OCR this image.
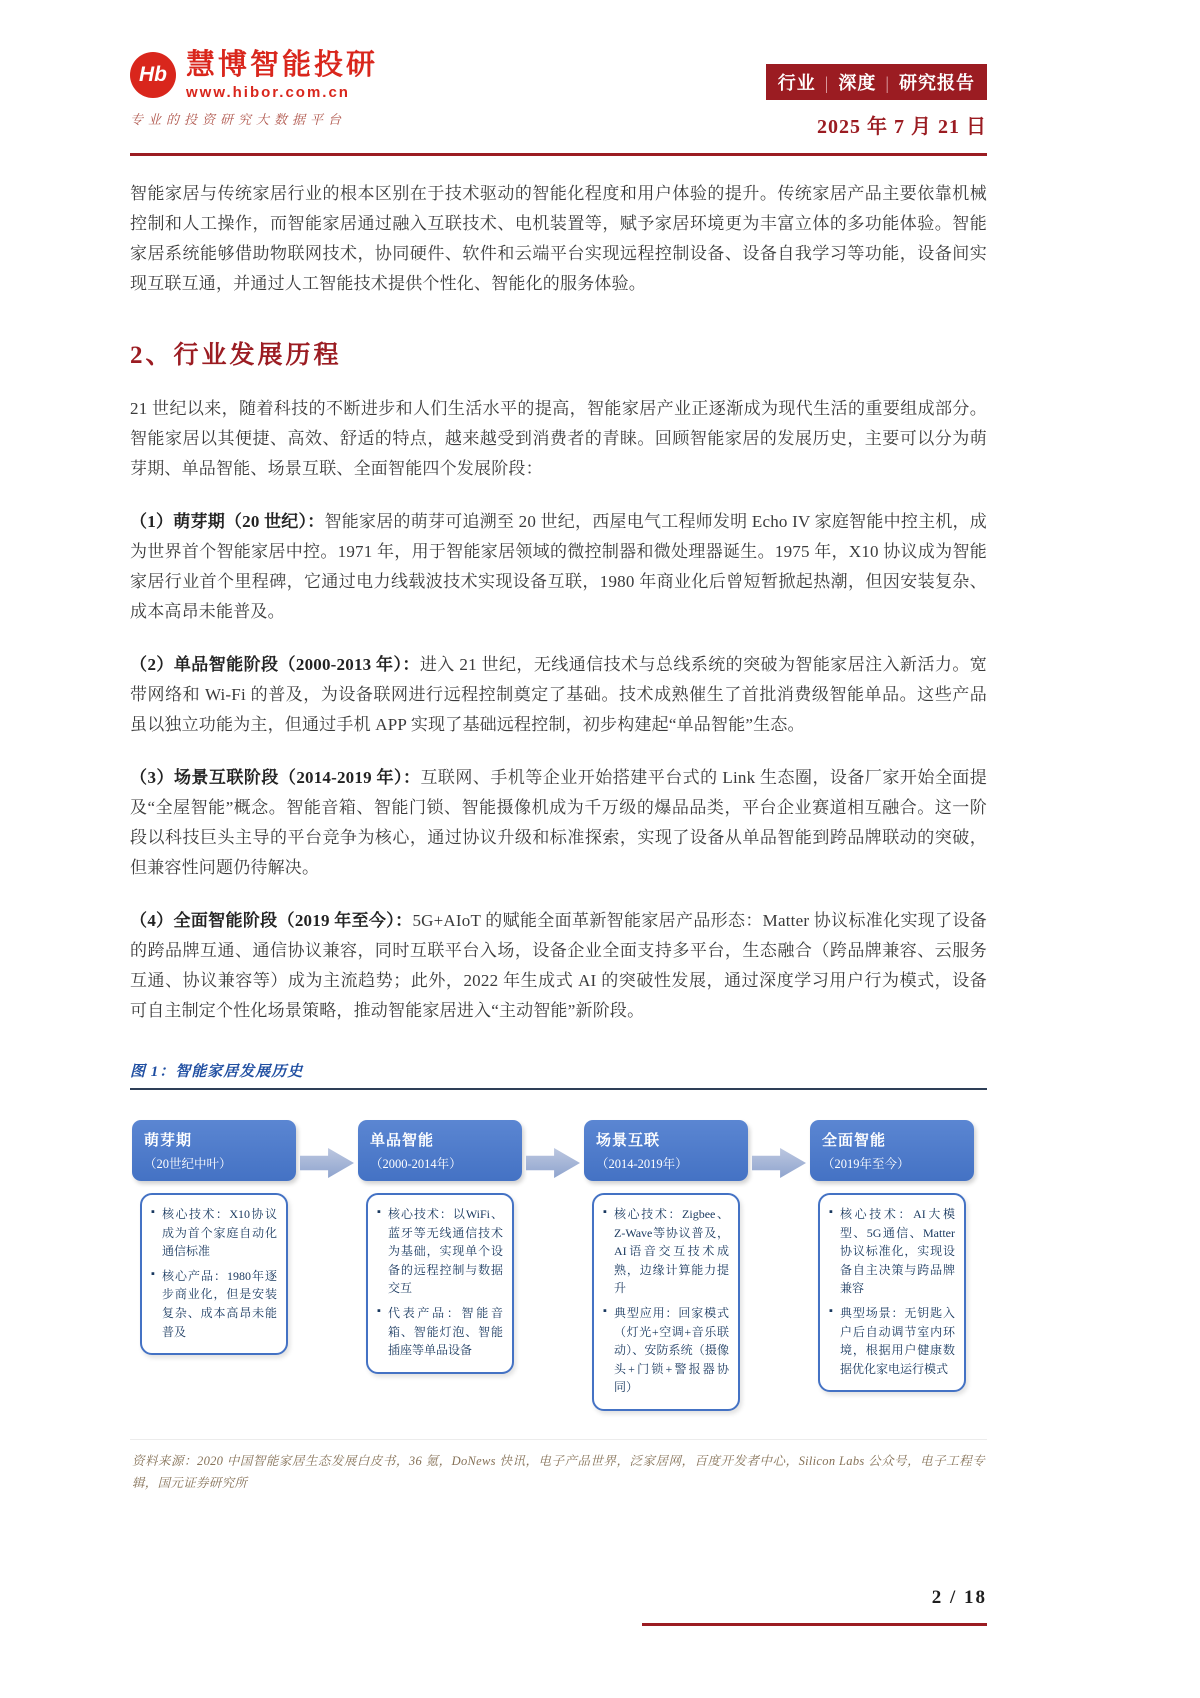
Hb 慧博智能投研
www.hibor.com.cn
专业的投资研究大数据平台
行业 | 深度 | 研究报告
2025 年 7 月 21 日

智能家居与传统家居行业的根本区别在于技术驱动的智能化程度和用户体验的提升。传统家居产品主要依靠机械控制和人工操作，而智能家居通过融入互联技术、电机装置等，赋予家居环境更为丰富立体的多功能体验。智能家居系统能够借助物联网技术，协同硬件、软件和云端平台实现远程控制设备、设备自我学习等功能，设备间实现互联互通，并通过人工智能技术提供个性化、智能化的服务体验。

2、行业发展历程

21 世纪以来，随着科技的不断进步和人们生活水平的提高，智能家居产业正逐渐成为现代生活的重要组成部分。智能家居以其便捷、高效、舒适的特点，越来越受到消费者的青睐。回顾智能家居的发展历史，主要可以分为萌芽期、单品智能、场景互联、全面智能四个发展阶段：

（1）萌芽期（20 世纪）：智能家居的萌芽可追溯至 20 世纪，西屋电气工程师发明 Echo IV 家庭智能中控主机，成为世界首个智能家居中控。1971 年，用于智能家居领域的微控制器和微处理器诞生。1975 年，X10 协议成为智能家居行业首个里程碑，它通过电力线载波技术实现设备互联，1980 年商业化后曾短暂掀起热潮，但因安装复杂、成本高昂未能普及。

（2）单品智能阶段（2000-2013 年）：进入 21 世纪，无线通信技术与总线系统的突破为智能家居注入新活力。宽带网络和 Wi-Fi 的普及，为设备联网进行远程控制奠定了基础。技术成熟催生了首批消费级智能单品。这些产品虽以独立功能为主，但通过手机 APP 实现了基础远程控制，初步构建起“单品智能”生态。

（3）场景互联阶段（2014-2019 年）：互联网、手机等企业开始搭建平台式的 Link 生态圈，设备厂家开始全面提及“全屋智能”概念。智能音箱、智能门锁、智能摄像机成为千万级的爆品品类，平台企业赛道相互融合。这一阶段以科技巨头主导的平台竞争为核心，通过协议升级和标准探索，实现了设备从单品智能到跨品牌联动的突破，但兼容性问题仍待解决。

（4）全面智能阶段（2019 年至今）：5G+AIoT 的赋能全面革新智能家居产品形态：Matter 协议标准化实现了设备的跨品牌互通、通信协议兼容，同时互联平台入场，设备企业全面支持多平台，生态融合（跨品牌兼容、云服务互通、协议兼容等）成为主流趋势；此外，2022 年生成式 AI 的突破性发展，通过深度学习用户行为模式，设备可自主制定个性化场景策略，推动智能家居进入“主动智能”新阶段。

图 1：智能家居发展历史
萌芽期
（20世纪中叶）
▪ 核心技术：X10协议成为首个家庭自动化通信标准
▪ 核心产品：1980年逐步商业化，但是安装复杂、成本高昂未能普及
单品智能
（2000-2014年）
▪ 核心技术：以WiFi、蓝牙等无线通信技术为基础，实现单个设备的远程控制与数据交互
▪ 代表产品：智能音箱、智能灯泡、智能插座等单品设备
场景互联
（2014-2019年）
▪ 核心技术：Zigbee、Z-Wave等协议普及，AI语音交互技术成熟，边缘计算能力提升
▪ 典型应用：回家模式（灯光+空调+音乐联动）、安防系统（摄像头+门锁+警报器协同）
全面智能
（2019年至今）
▪ 核心技术：AI大模型、5G通信、Matter协议标准化，实现设备自主决策与跨品牌兼容
▪ 典型场景：无钥匙入户后自动调节室内环境，根据用户健康数据优化家电运行模式
资料来源：2020 中国智能家居生态发展白皮书，36 氪，DoNews 快讯，电子产品世界，泛家居网，百度开发者中心，Silicon Labs 公众号，电子工程专辑，国元证券研究所
2 / 18
